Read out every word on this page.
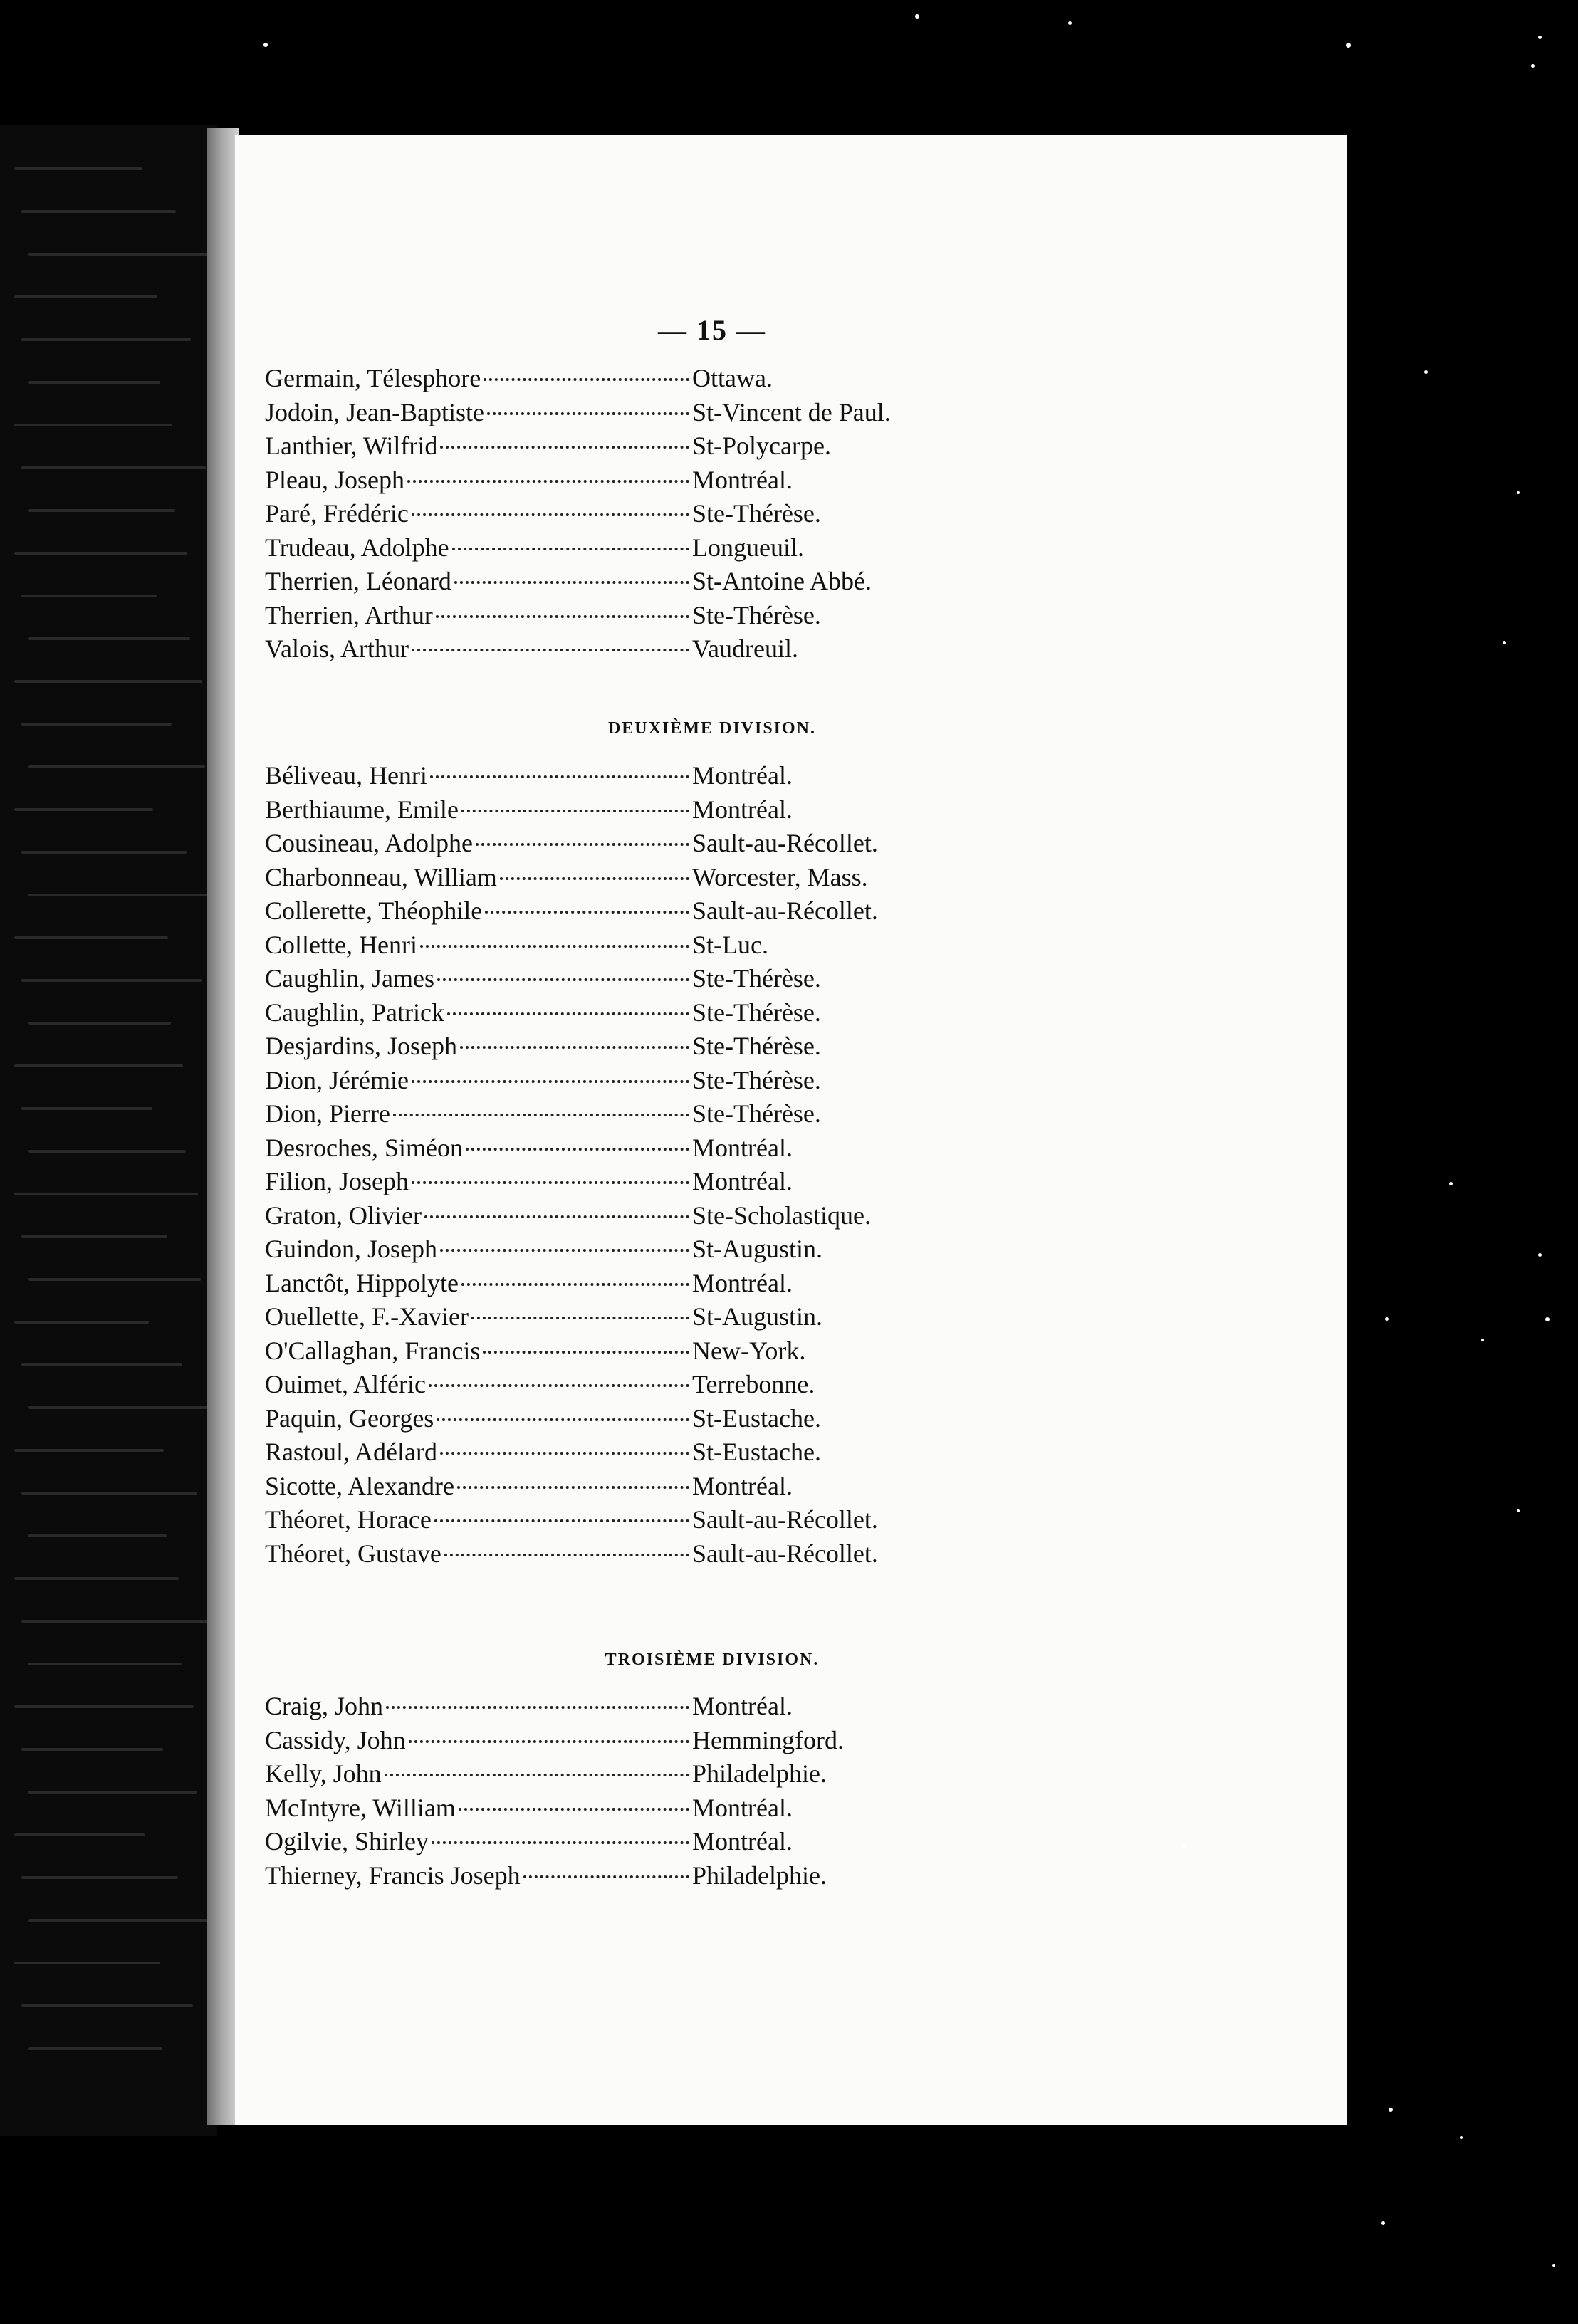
— 15 —
Germain, Télesphore	Ottawa.
Jodoin, Jean-Baptiste	St-Vincent de Paul.
Lanthier, Wilfrid	St-Polycarpe.
Pleau, Joseph	Montréal.
Paré, Frédéric	Ste-Thérèse.
Trudeau, Adolphe	Longueuil.
Therrien, Léonard	St-Antoine Abbé.
Therrien, Arthur	Ste-Thérèse.
Valois, Arthur	Vaudreuil.
DEUXIÈME DIVISION.
Béliveau, Henri	Montréal.
Berthiaume, Emile	Montréal.
Cousineau, Adolphe	Sault-au-Récollet.
Charbonneau, William	Worcester, Mass.
Collerette, Théophile	Sault-au-Récollet.
Collette, Henri	St-Luc.
Caughlin, James	Ste-Thérèse.
Caughlin, Patrick	Ste-Thérèse.
Desjardins, Joseph	Ste-Thérèse.
Dion, Jérémie	Ste-Thérèse.
Dion, Pierre	Ste-Thérèse.
Desroches, Siméon	Montréal.
Filion, Joseph	Montréal.
Graton, Olivier	Ste-Scholastique.
Guindon, Joseph	St-Augustin.
Lanctôt, Hippolyte	Montréal.
Ouellette, F.-Xavier	St-Augustin.
O'Callaghan, Francis	New-York.
Ouimet, Alféric	Terrebonne.
Paquin, Georges	St-Eustache.
Rastoul, Adélard	St-Eustache.
Sicotte, Alexandre	Montréal.
Théoret, Horace	Sault-au-Récollet.
Théoret, Gustave	Sault-au-Récollet.
TROISIÈME DIVISION.
Craig, John	Montréal.
Cassidy, John	Hemmingford.
Kelly, John	Philadelphie.
McIntyre, William	Montréal.
Ogilvie, Shirley	Montréal.
Thierney, Francis Joseph	Philadelphie.
